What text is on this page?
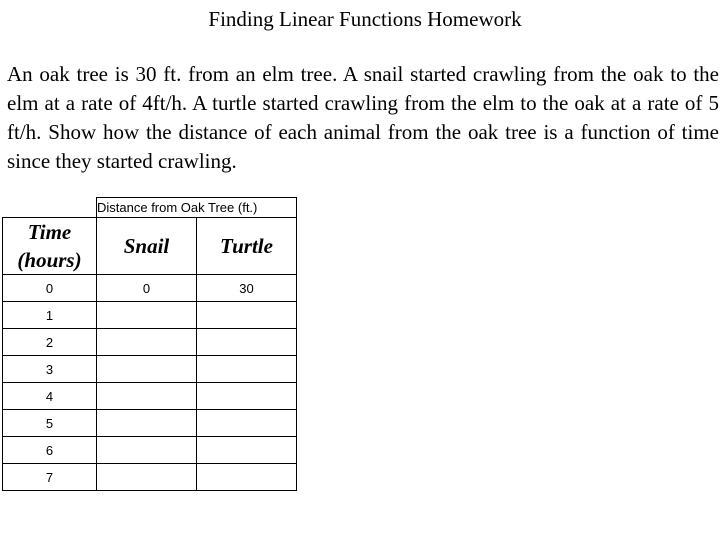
Finding Linear Functions Homework
An oak tree is 30 ft. from an elm tree. A snail started crawling from the oak to the elm at a rate of 4ft/h. A turtle started crawling from the elm to the oak at a rate of 5 ft/h. Show how the distance of each animal from the oak tree is a function of time since they started crawling.
	Distance from Oak Tree (ft.)	
Time
(hours)	Snail	Turtle
0	0	30
1		
2		
3		
4		
5		
6		
7		
